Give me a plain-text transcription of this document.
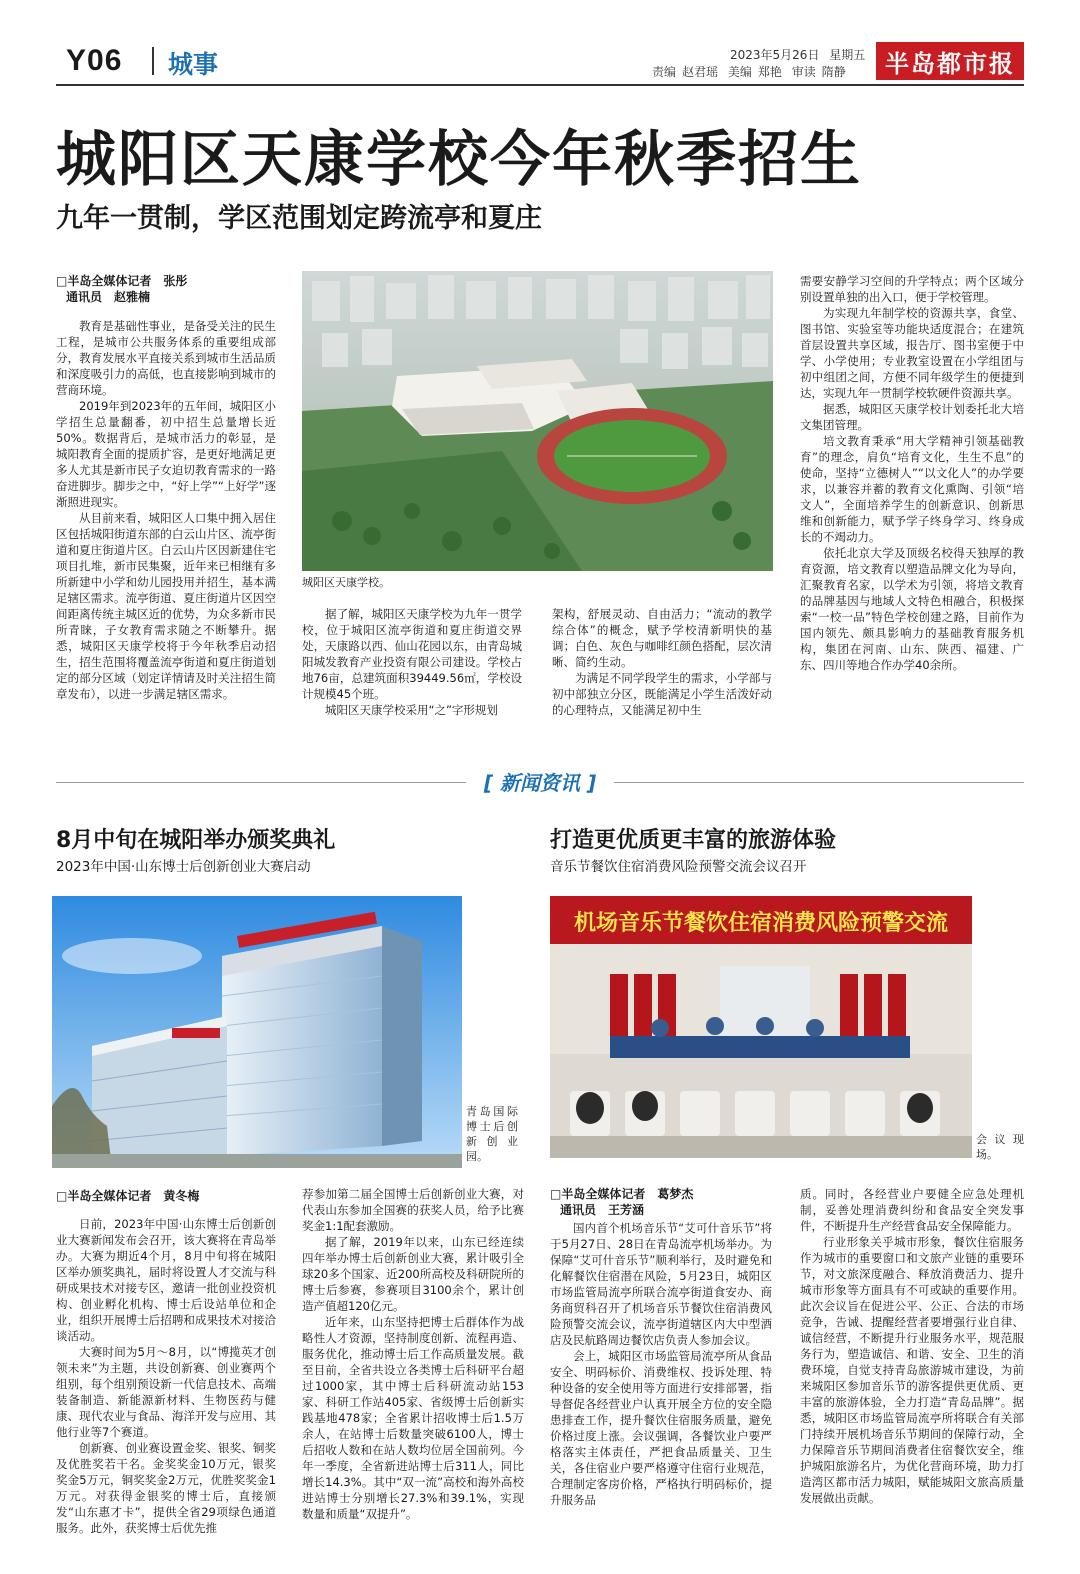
Y06 城事	2023年5月26日 星期五
责编 赵君瑶 美编 郑艳 审读 隋静 半岛都市报
城阳区天康学校今年秋季招生
九年一贯制，学区范围划定跨流亭和夏庄
□半岛全媒体记者　张彤
通讯员　赵雅楠

教育是基础性事业，是备受关注的民生工程，是城市公共服务体系的重要组成部分，教育发展水平直接关系到城市生活品质和深度吸引力的高低，也直接影响到城市的营商环境。

2019年到2023年的五年间，城阳区小学招生总量翻番，初中招生总量增长近50%。数据背后，是城市活力的彰显，是城阳教育全面的提质扩容，是更好地满足更多人尤其是新市民子女迫切教育需求的一路奋进脚步。脚步之中，“好上学”“上好学”逐渐照进现实。

从目前来看，城阳区人口集中拥入居住区包括城阳街道东部的白云山片区、流亭街道和夏庄街道片区。白云山片区因新建住宅项目扎堆，新市民集聚，近年来已相继有多所新建中小学和幼儿园投用并招生，基本满足辖区需求。流亭街道、夏庄街道片区因空间距离传统主城区近的优势，为众多新市民所青睐，子女教育需求随之不断攀升。据悉，城阳区天康学校将于今年秋季启动招生，招生范围将覆盖流亭街道和夏庄街道划定的部分区域（划定详情请及时关注招生简章发布），以进一步满足辖区需求。

城阳区天康学校。

据了解，城阳区天康学校为九年一贯学校，位于城阳区流亭街道和夏庄街道交界处，天康路以西、仙山花园以东，由青岛城阳城发教育产业投资有限公司建设。学校占地76亩，总建筑面积39449.56㎡，学校设计规模45个班。

城阳区天康学校采用“之”字形规划

架构，舒展灵动、自由活力；“流动的教学综合体”的概念，赋予学校清新明快的基调；白色、灰色与咖啡红颜色搭配，层次清晰、简约生动。

为满足不同学段学生的需求，小学部与初中部独立分区，既能满足小学生活泼好动的心理特点，又能满足初中生

需要安静学习空间的升学特点；两个区域分别设置单独的出入口，便于学校管理。

为实现九年制学校的资源共享，食堂、图书馆、实验室等功能块适度混合；在建筑首层设置共享区域，报告厅、图书室便于中学、小学使用；专业教室设置在小学组团与初中组团之间，方便不同年级学生的便捷到达，实现九年一贯制学校软硬件资源共享。

据悉，城阳区天康学校计划委托北大培文集团管理。

培文教育秉承“用大学精神引领基础教育”的理念，肩负“培育文化，生生不息”的使命，坚持“立德树人”“以文化人”的办学要求，以兼容并蓄的教育文化熏陶、引领“培文人”，全面培养学生的创新意识、创新思维和创新能力，赋予学子终身学习、终身成长的不竭动力。

依托北京大学及顶级名校得天独厚的教育资源，培文教育以塑造品牌文化为导向，汇聚教育名家，以学术为引领，将培文教育的品牌基因与地域人文特色相融合，积极探索“一校一品”特色学校创建之路，目前作为国内领先、颇具影响力的基础教育服务机构，集团在河南、山东、陕西、福建、广东、四川等地合作办学40余所。

[ 新闻资讯 ]
8月中旬在城阳举办颁奖典礼
2023年中国·山东博士后创新创业大赛启动
青岛国际博士后创新创业园。
□半岛全媒体记者　黄冬梅

日前，2023年中国·山东博士后创新创业大赛新闻发布会召开，该大赛将在青岛举办。大赛为期近4个月，8月中旬将在城阳区举办颁奖典礼，届时将设置人才交流与科研成果技术对接专区，邀请一批创业投资机构、创业孵化机构、博士后设站单位和企业，组织开展博士后招聘和成果技术对接洽谈活动。

大赛时间为5月～8月，以“博揽英才创领未来”为主题，共设创新赛、创业赛两个组别，每个组别预设新一代信息技术、高端装备制造、新能源新材料、生物医药与健康、现代农业与食品、海洋开发与应用、其他行业等7个赛道。

创新赛、创业赛设置金奖、银奖、铜奖及优胜奖若干名。金奖奖金10万元，银奖奖金5万元，铜奖奖金2万元，优胜奖奖金1万元。对获得金银奖的博士后，直接颁发“山东惠才卡”，提供全省29项绿色通道服务。此外，获奖博士后优先推

荐参加第二届全国博士后创新创业大赛，对代表山东参加全国赛的获奖人员，给予比赛奖金1:1配套激励。

据了解，2019年以来，山东已经连续四年举办博士后创新创业大赛，累计吸引全球20多个国家、近200所高校及科研院所的博士后参赛，参赛项目3100余个，累计创造产值超120亿元。

近年来，山东坚持把博士后群体作为战略性人才资源，坚持制度创新、流程再造、服务优化，推动博士后工作高质量发展。截至目前，全省共设立各类博士后科研平台超过1000家，其中博士后科研流动站153家、科研工作站405家、省级博士后创新实践基地478家；全省累计招收博士后1.5万余人，在站博士后数量突破6100人，博士后招收人数和在站人数均位居全国前列。今年一季度，全省新进站博士后311人，同比增长14.3%。其中“双一流”高校和海外高校进站博士分别增长27.3%和39.1%，实现数量和质量“双提升”。

打造更优质更丰富的旅游体验
音乐节餐饮住宿消费风险预警交流会议召开
机场音乐节餐饮住宿消费风险预警交流
会议现场。
□半岛全媒体记者　葛梦杰
通讯员　王芳涵

国内首个机场音乐节“艾可什音乐节”将于5月27日、28日在青岛流亭机场举办。为保障“艾可什音乐节”顺利举行，及时避免和化解餐饮住宿潜在风险，5月23日，城阳区市场监管局流亭所联合流亭街道食安办、商务商贸科召开了机场音乐节餐饮住宿消费风险预警交流会议，流亭街道辖区内大中型酒店及民航路周边餐饮店负责人参加会议。

会上，城阳区市场监管局流亭所从食品安全、明码标价、消费维权、投诉处理、特种设备的安全使用等方面进行安排部署，指导督促各经营业户认真开展全方位的安全隐患排查工作，提升餐饮住宿服务质量，避免价格过度上涨。会议强调，各餐饮业户要严格落实主体责任，严把食品质量关、卫生关，各住宿业户要严格遵守住宿行业规范，合理制定客房价格，严格执行明码标价，提升服务品

质。同时，各经营业户要健全应急处理机制，妥善处理消费纠纷和食品安全突发事件，不断提升生产经营食品安全保障能力。

行业形象关乎城市形象，餐饮住宿服务作为城市的重要窗口和文旅产业链的重要环节，对文旅深度融合、释放消费活力、提升城市形象等方面具有不可或缺的重要作用。此次会议旨在促进公平、公正、合法的市场竞争，告诫、提醒经营者要增强行业自律、诚信经营，不断提升行业服务水平，规范服务行为，塑造诚信、和谐、安全、卫生的消费环境，自觉支持青岛旅游城市建设，为前来城阳区参加音乐节的游客提供更优质、更丰富的旅游体验，全力打造“青岛品牌”。据悉，城阳区市场监管局流亭所将联合有关部门持续开展机场音乐节期间的保障行动，全力保障音乐节期间消费者住宿餐饮安全，维护城阳旅游名片，为优化营商环境，助力打造湾区都市活力城阳，赋能城阳文旅高质量发展做出贡献。
